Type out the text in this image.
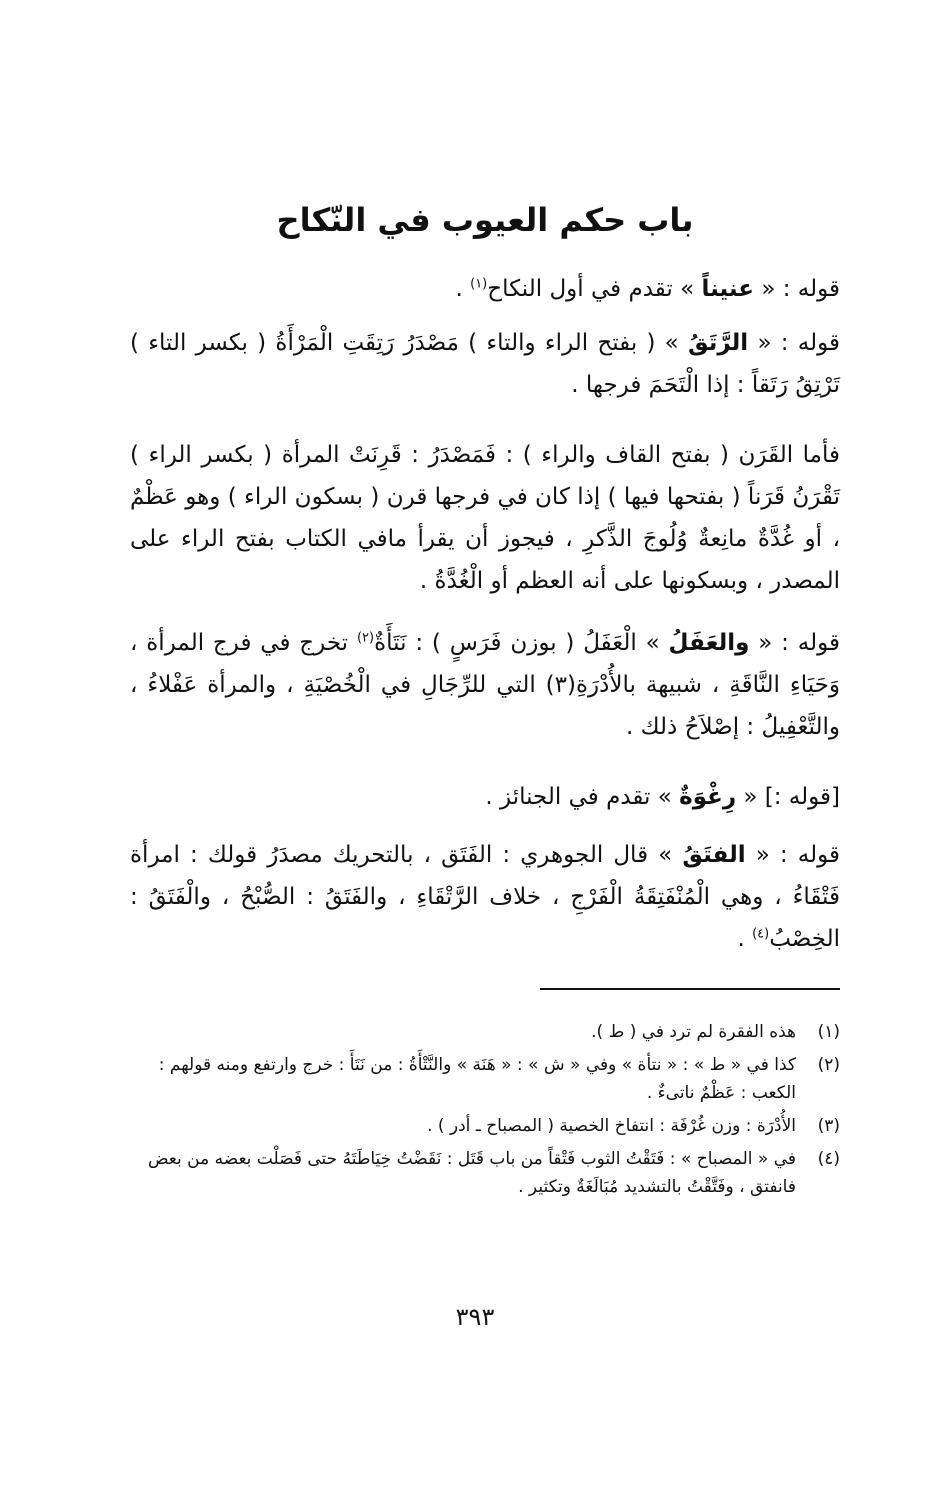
باب حكم العيوب في النّكاح

قوله : « عنيناً » تقدم في أول النكاح$^{(١)}$ .

قوله : « الرَّتَقُ » ( بفتح الراء والتاء ) مَصْدَرُ رَتِقَتِ الْمَرْأَةُ ( بكسر التاء ) تَرْتِقُ رَتَقاً : إذا الْتَحَمَ فرجها .

فأما القَرَن ( بفتح القاف والراء ) : فَمَصْدَرُ : قَرِنَتْ المرأة ( بكسر الراء ) تَقْرَنُ قَرَناً ( بفتحها فيها ) إذا كان في فرجها قرن ( بسكون الراء ) وهو عَظْمٌ ، أو غُدَّةٌ مانِعةٌ وُلُوجَ الذَّكرِ ، فيجوز أن يقرأ مافي الكتاب بفتح الراء على المصدر ، وبسكونها على أنه العظم أو الْغُدَّةُ .

قوله : « والعَفَلُ » الْعَفَلُ ( بوزن فَرَسٍ ) : نَتَأَةٌ$^{(٢)}$ تخرج في فرج المرأة ، وَحَيَاءِ النَّاقَةِ ، شبيهة بالأُدْرَةِ(٣) التي للرِّجَالِ في الْخُصْيَةِ ، والمرأة عَفْلاءُ ، والتَّعْفِيلُ : إصْلاَحُ ذلك .

[قوله :] « رِغْوَةٌ » تقدم في الجنائز .

قوله : « الفتَقُ » قال الجوهري : الفَتَق ، بالتحريك مصدَرُ قولك : امرأة فَتْقَاءُ ، وهي الْمُنْفَتِقَةُ الْفَرْجِ ، خلاف الرَّتْقَاءِ ، والفَتَقُ : الصُّبْحُ ، والْفَتَقُ : الخِصْبُ$^{(٤)}$ .

(١)
هذه الفقرة لم ترد في ( ط ).
(٢)
كذا في « ط » : « نتأة » وفي « ش » : « هَنَة » والنَّتْأَةُ : من نَتَأَ : خرج وارتفع ومنه قولهم : الكعب : عَظْمٌ ناتىءٌ .
(٣)
الأُدْرَة : وزن غُرْفَة : انتفاخ الخصية ( المصباح ـ أدر ) .
(٤)
في « المصباح » : فَتَقْتُ الثوب فَتْقاً من باب قَتَل : نَقَضْتُ خِيَاطَتَهُ حتى فَصَلْت بعضه من بعض فانفتق ، وفَتَّقْتُ بالتشديد مُبَالَغَةٌ وتكثير .
٣٩٣
